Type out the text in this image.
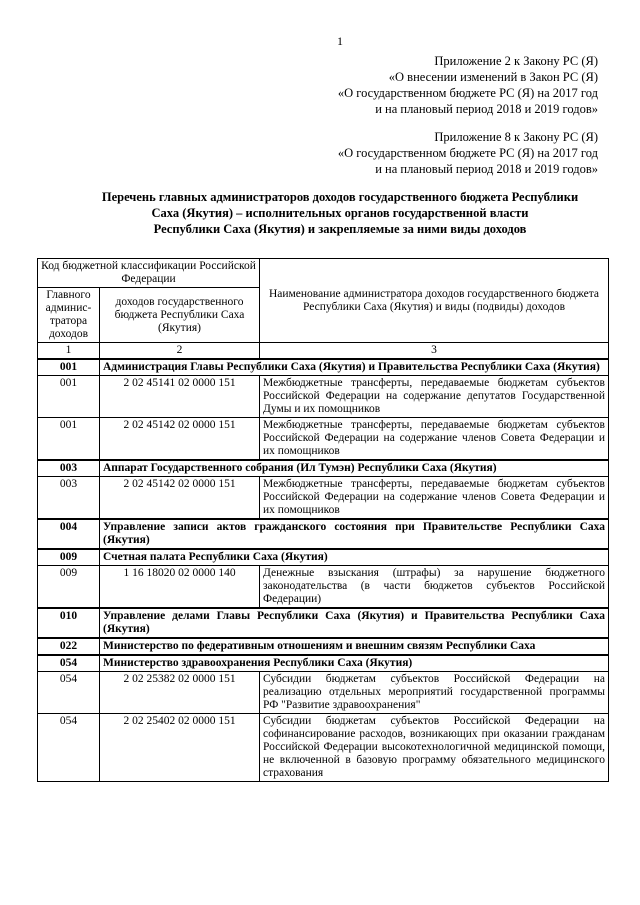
1
Приложение 2 к Закону РС (Я)
«О внесении изменений в Закон РС (Я)
«О государственном бюджете РС (Я) на 2017 год
и на плановый период 2018 и 2019 годов»
Приложение 8 к Закону РС (Я)
«О государственном бюджете РС (Я) на 2017 год
и на плановый период 2018 и 2019 годов»
Перечень главных администраторов доходов государственного бюджета Республики
Саха (Якутия) – исполнительных органов государственной власти
Республики Саха (Якутия) и закрепляемые за ними виды доходов
Код бюджетной классификации Российской Федерации		Наименование администратора доходов государственного бюджета Республики Саха (Якутия) и виды (подвиды) доходов
Главного админис-тратора доходов	доходов государственного бюджета Республики Саха (Якутия)	
1	2	3
001	Администрация Главы Республики Саха (Якутия) и Правительства Республики Саха (Якутия)	
001	2 02 45141 02 0000 151	Межбюджетные трансферты, передаваемые бюджетам субъектов Российской Федерации на содержание депутатов Государственной Думы и их помощников
001	2 02 45142 02 0000 151	Межбюджетные трансферты, передаваемые бюджетам субъектов Российской Федерации на содержание членов Совета Федерации и их помощников
003	Аппарат Государственного собрания (Ил Тумэн) Республики Саха (Якутия)	
003	2 02 45142 02 0000 151	Межбюджетные трансферты, передаваемые бюджетам субъектов Российской Федерации на содержание членов Совета Федерации и их помощников
004	Управление записи актов гражданского состояния при Правительстве Республики Саха (Якутия)	
009	Счетная палата Республики Саха (Якутия)	
009	1 16 18020 02 0000 140	Денежные взыскания (штрафы) за нарушение бюджетного законодательства (в части бюджетов субъектов Российской Федерации)
010	Управление делами Главы Республики Саха (Якутия) и Правительства Республики Саха (Якутия)	
022	Министерство по федеративным отношениям и внешним связям Республики Саха	
054	Министерство здравоохранения Республики Саха (Якутия)	
054	2 02 25382 02 0000 151	Субсидии бюджетам субъектов Российской Федерации на реализацию отдельных мероприятий государственной программы РФ "Развитие здравоохранения"
054	2 02 25402 02 0000 151	Субсидии бюджетам субъектов Российской Федерации на софинансирование расходов, возникающих при оказании гражданам Российской Федерации высокотехнологичной медицинской помощи, не включенной в базовую программу обязательного медицинского страхования
